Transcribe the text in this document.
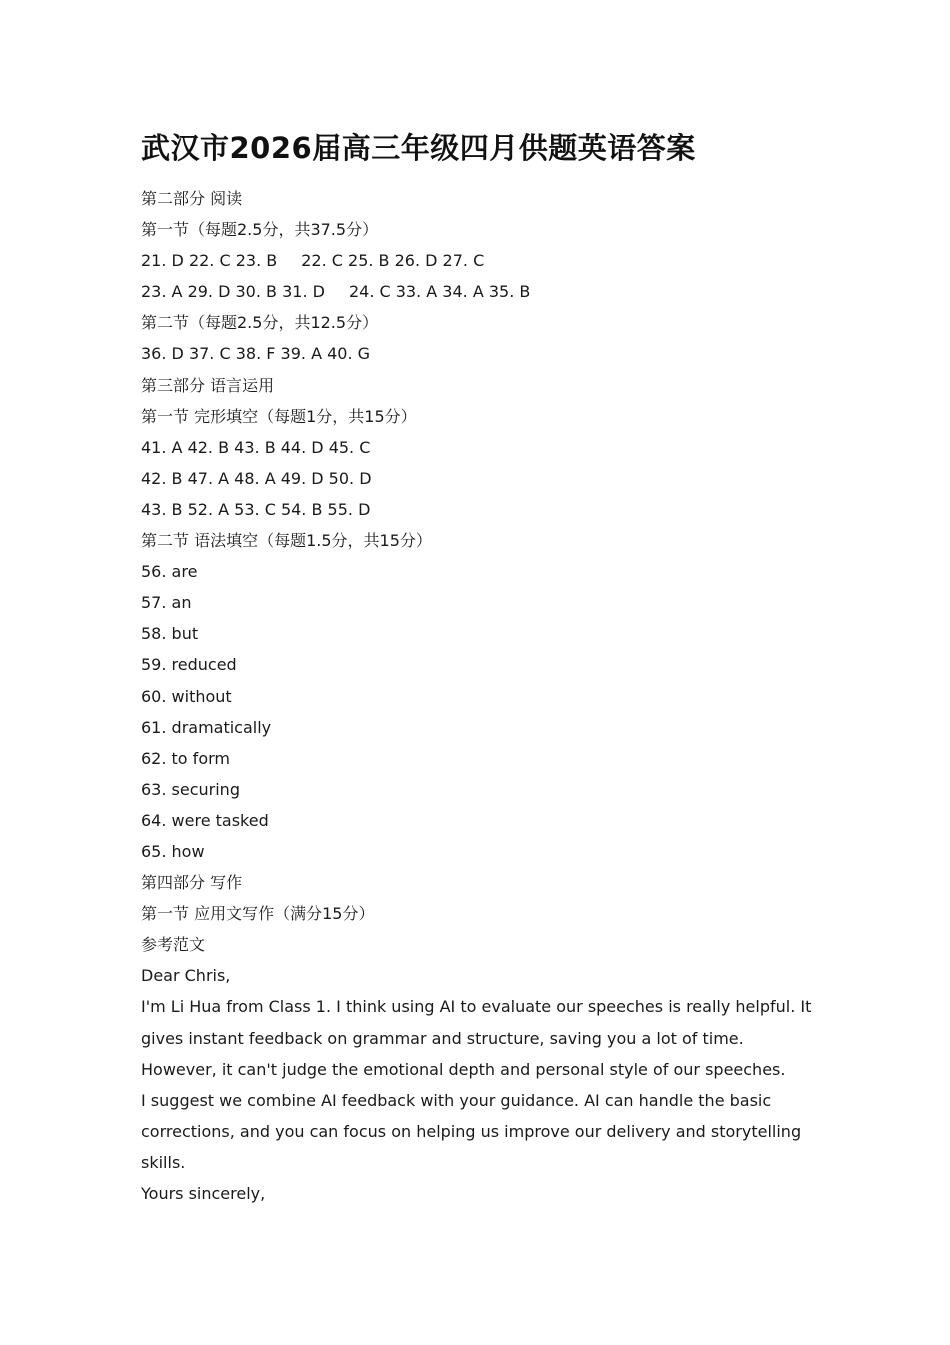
武汉市2026届高三年级四月供题英语答案
第二部分 阅读
第一节（每题2.5分，共37.5分）
21. D 22. C 23. B 22. C 25. B 26. D 27. C
23. A 29. D 30. B 31. D 24. C 33. A 34. A 35. B
第二节（每题2.5分，共12.5分）
36. D 37. C 38. F 39. A 40. G
第三部分 语言运用
第一节 完形填空（每题1分，共15分）
41. A 42. B 43. B 44. D 45. C
42. B 47. A 48. A 49. D 50. D
43. B 52. A 53. C 54. B 55. D
第二节 语法填空（每题1.5分，共15分）
56. are
57. an
58. but
59. reduced
60. without
61. dramatically
62. to form
63. securing
64. were tasked
65. how
第四部分 写作
第一节 应用文写作（满分15分）
参考范文
Dear Chris,
I'm Li Hua from Class 1. I think using AI to evaluate our speeches is really helpful. It gives instant feedback on grammar and structure, saving you a lot of time. However, it can't judge the emotional depth and personal style of our speeches.
I suggest we combine AI feedback with your guidance. AI can handle the basic corrections, and you can focus on helping us improve our delivery and storytelling skills.
Yours sincerely,
